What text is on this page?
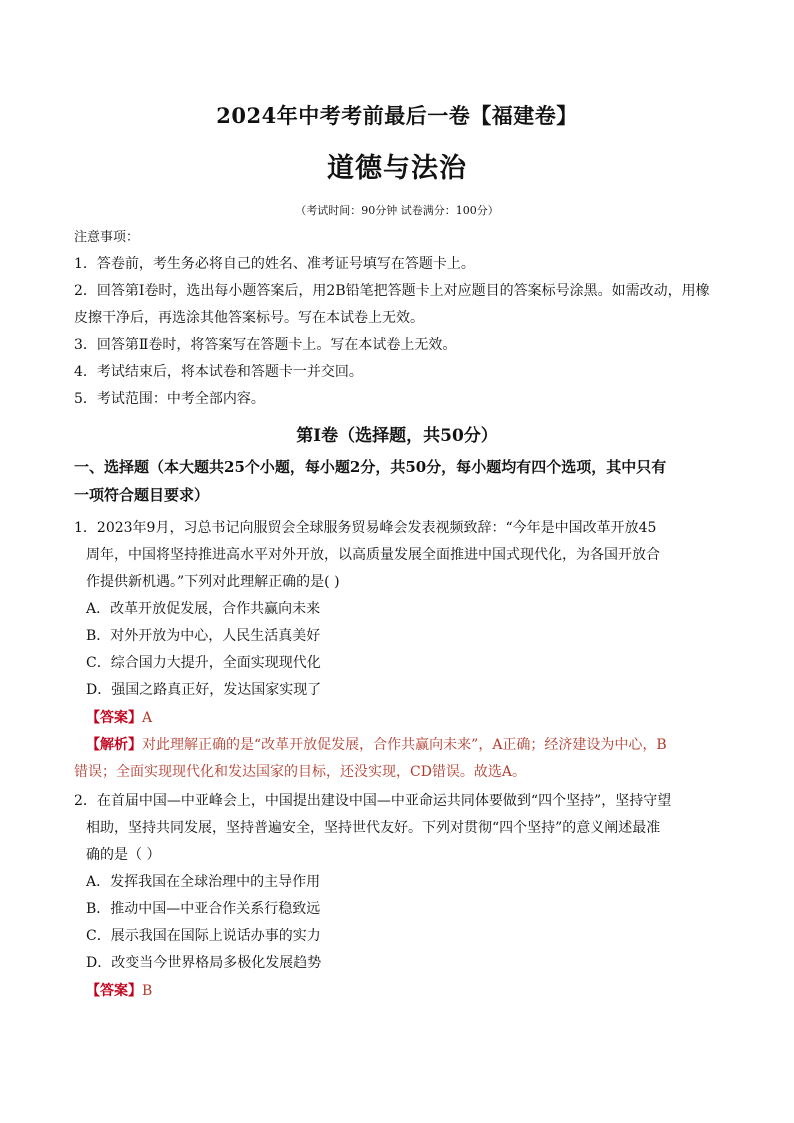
2024年中考考前最后一卷【福建卷】
道德与法治
（考试时间：90分钟 试卷满分：100分）
注意事项：
1．答卷前，考生务必将自己的姓名、准考证号填写在答题卡上。
2．回答第Ⅰ卷时，选出每小题答案后，用2B铅笔把答题卡上对应题目的答案标号涂黑。如需改动，用橡
皮擦干净后，再选涂其他答案标号。写在本试卷上无效。
3．回答第Ⅱ卷时，将答案写在答题卡上。写在本试卷上无效。
4．考试结束后，将本试卷和答题卡一并交回。
5．考试范围：中考全部内容。
第Ⅰ卷（选择题，共50分）
一、选择题（本大题共25个小题，每小题2分，共50分，每小题均有四个选项，其中只有
一项符合题目要求）
1．2023年9月，习总书记向服贸会全球服务贸易峰会发表视频致辞：“今年是中国改革开放45
周年，中国将坚持推进高水平对外开放，以高质量发展全面推进中国式现代化，为各国开放合
作提供新机遇。”下列对此理解正确的是( )
A．改革开放促发展，合作共赢向未来
B．对外开放为中心，人民生活真美好
C．综合国力大提升，全面实现现代化
D．强国之路真正好，发达国家实现了
【答案】A
【解析】对此理解正确的是“改革开放促发展，合作共赢向未来”，A正确；经济建设为中心，B
错误；全面实现现代化和发达国家的目标，还没实现，CD错误。故选A。
2．在首届中国—中亚峰会上，中国提出建设中国—中亚命运共同体要做到“四个坚持”，坚持守望
相助，坚持共同发展，坚持普遍安全，坚持世代友好。下列对贯彻“四个坚持”的意义阐述最准
确的是（ ）
A．发挥我国在全球治理中的主导作用
B．推动中国—中亚合作关系行稳致远
C．展示我国在国际上说话办事的实力
D．改变当今世界格局多极化发展趋势
【答案】B
